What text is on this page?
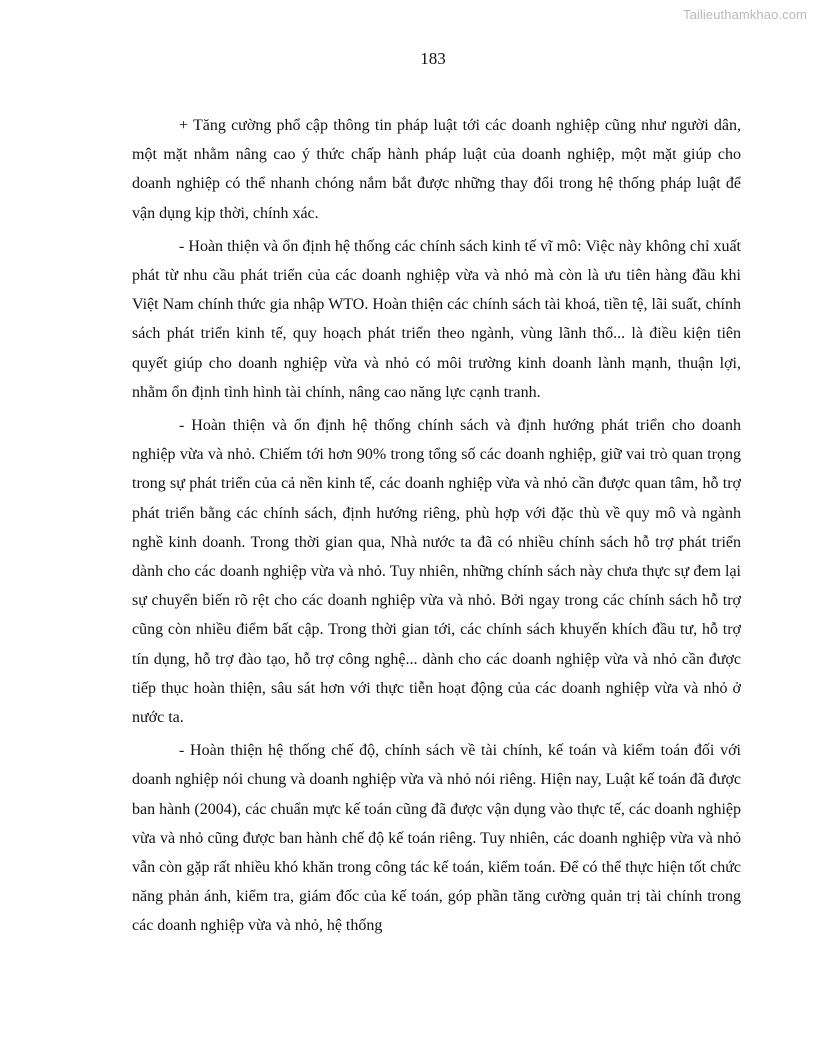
Tailieuthamkhao.com
183

+ Tăng cường phổ cập thông tin pháp luật tới các doanh nghiệp cũng như người dân, một mặt nhằm nâng cao ý thức chấp hành pháp luật của doanh nghiệp, một mặt giúp cho doanh nghiệp có thể nhanh chóng nắm bắt được những thay đổi trong hệ thống pháp luật để vận dụng kịp thời, chính xác.

- Hoàn thiện và ổn định hệ thống các chính sách kinh tế vĩ mô: Việc này không chỉ xuất phát từ nhu cầu phát triển của các doanh nghiệp vừa và nhỏ mà còn là ưu tiên hàng đầu khi Việt Nam chính thức gia nhập WTO. Hoàn thiện các chính sách tài khoá, tiền tệ, lãi suất, chính sách phát triển kinh tế, quy hoạch phát triển theo ngành, vùng lãnh thổ... là điều kiện tiên quyết giúp cho doanh nghiệp vừa và nhỏ có môi trường kinh doanh lành mạnh, thuận lợi, nhằm ổn định tình hình tài chính, nâng cao năng lực cạnh tranh.

- Hoàn thiện và ổn định hệ thống chính sách và định hướng phát triển cho doanh nghiệp vừa và nhỏ. Chiếm tới hơn 90% trong tổng số các doanh nghiệp, giữ vai trò quan trọng trong sự phát triển của cả nền kinh tế, các doanh nghiệp vừa và nhỏ cần được quan tâm, hỗ trợ phát triển bằng các chính sách, định hướng riêng, phù hợp với đặc thù về quy mô và ngành nghề kinh doanh. Trong thời gian qua, Nhà nước ta đã có nhiều chính sách hỗ trợ phát triển dành cho các doanh nghiệp vừa và nhỏ. Tuy nhiên, những chính sách này chưa thực sự đem lại sự chuyển biến rõ rệt cho các doanh nghiệp vừa và nhỏ. Bởi ngay trong các chính sách hỗ trợ cũng còn nhiều điểm bất cập. Trong thời gian tới, các chính sách khuyến khích đầu tư, hỗ trợ tín dụng, hỗ trợ đào tạo, hỗ trợ công nghệ... dành cho các doanh nghiệp vừa và nhỏ cần được tiếp thục hoàn thiện, sâu sát hơn với thực tiễn hoạt động của các doanh nghiệp vừa và nhỏ ở nước ta.

- Hoàn thiện hệ thống chế độ, chính sách về tài chính, kế toán và kiểm toán đối với doanh nghiệp nói chung và doanh nghiệp vừa và nhỏ nói riêng. Hiện nay, Luật kế toán đã được ban hành (2004), các chuẩn mực kế toán cũng đã được vận dụng vào thực tế, các doanh nghiệp vừa và nhỏ cũng được ban hành chế độ kế toán riêng. Tuy nhiên, các doanh nghiệp vừa và nhỏ vẫn còn gặp rất nhiều khó khăn trong công tác kế toán, kiểm toán. Để có thể thực hiện tốt chức năng phản ánh, kiểm tra, giám đốc của kế toán, góp phần tăng cường quản trị tài chính trong các doanh nghiệp vừa và nhỏ, hệ thống
